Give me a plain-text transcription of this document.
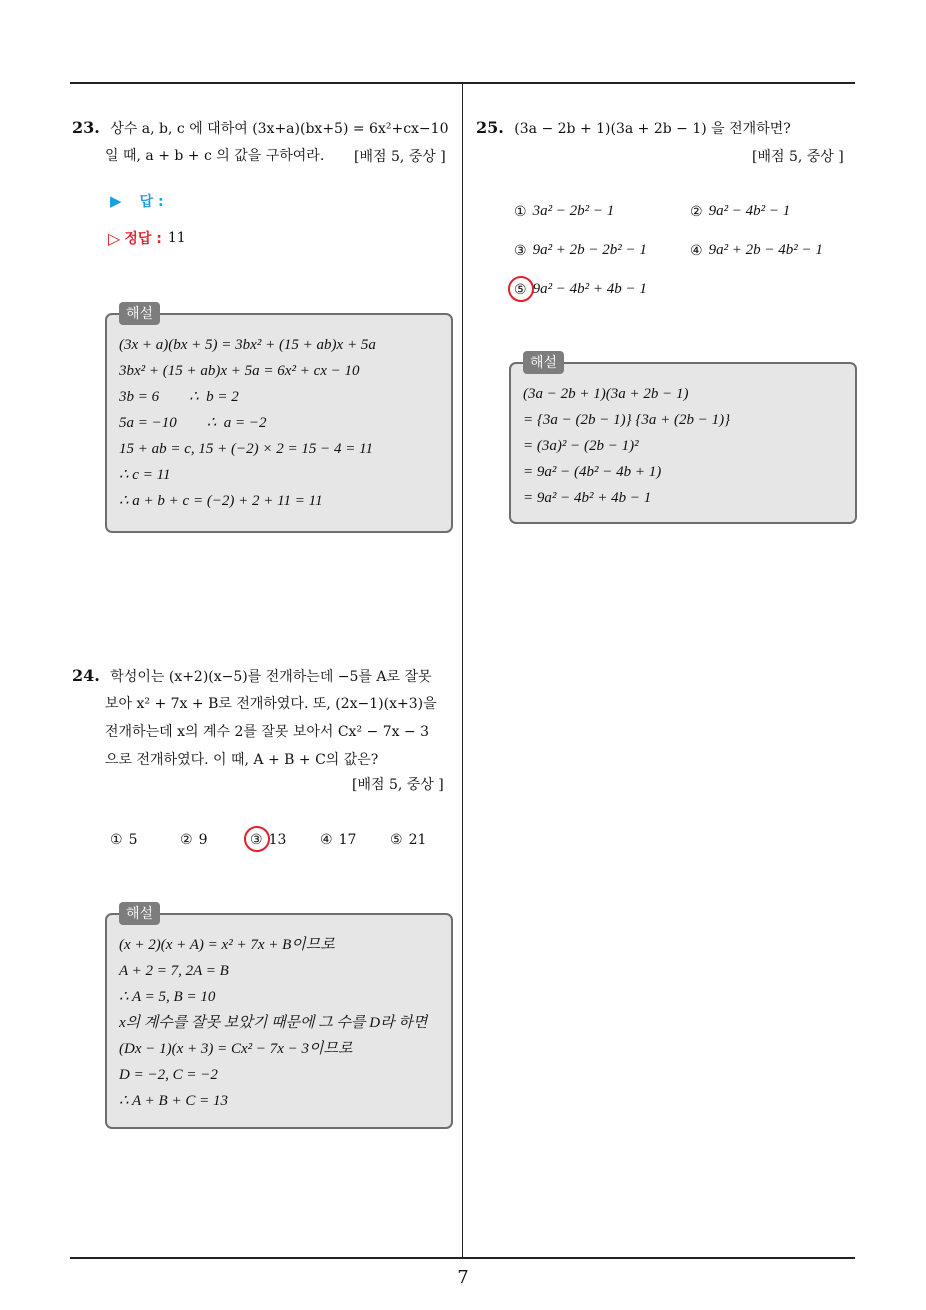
23. 상수 a, b, c 에 대하여 (3x+a)(bx+5) = 6x²+cx−10
일 때, a + b + c 의 값을 구하여라. [배점 5, 중상 ]
▶ 답 :
▷ 정답 : 11
해설
(3x + a)(bx + 5) = 3bx² + (15 + ab)x + 5a
3bx² + (15 + ab)x + 5a = 6x² + cx − 10
3b = 6        ∴  b = 2
5a = −10        ∴  a = −2
15 + ab = c, 15 + (−2) × 2 = 15 − 4 = 11
∴ c = 11
∴ a + b + c = (−2) + 2 + 11 = 11
24. 학성이는 (x+2)(x−5)를 전개하는데 −5를 A로 잘못
보아 x² + 7x + B로 전개하였다. 또, (2x−1)(x+3)을
전개하는데 x의 계수 2를 잘못 보아서 Cx² − 7x − 3
으로 전개하였다. 이 때, A + B + C의 값은?
[배점 5, 중상 ]
① 5	② 9	③ 13 ④ 17 ⑤ 21
해설
(x + 2)(x + A) = x² + 7x + B이므로
A + 2 = 7, 2A = B
∴ A = 5, B = 10
x의 계수를 잘못 보았기 때문에 그 수를 D라 하면
(Dx − 1)(x + 3) = Cx² − 7x − 3이므로
D = −2, C = −2
∴ A + B + C = 13
25. (3a − 2b + 1)(3a + 2b − 1) 을 전개하면?
[배점 5, 중상 ]
① 3a² − 2b² − 1	② 9a² − 4b² − 1
③ 9a² + 2b − 2b² − 1	④ 9a² + 2b − 4b² − 1
⑤ 9a² − 4b² + 4b − 1
해설
(3a − 2b + 1)(3a + 2b − 1)
= {3a − (2b − 1)} {3a + (2b − 1)}
= (3a)² − (2b − 1)²
= 9a² − (4b² − 4b + 1)
= 9a² − 4b² + 4b − 1
7
